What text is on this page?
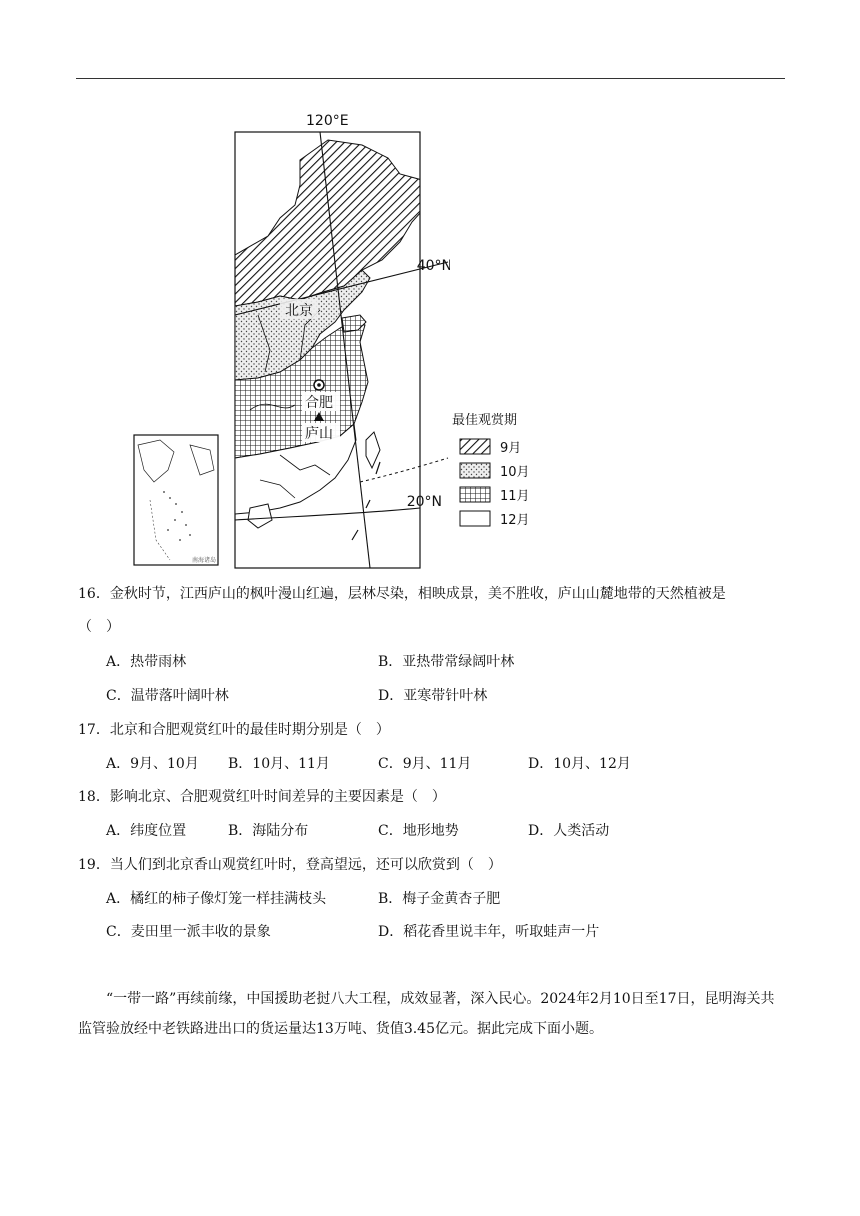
120°E
40°N
20°N
北京
合肥
庐山
南海诸岛
最佳观赏期
9月
10月
11月
12月
16．金秋时节，江西庐山的枫叶漫山红遍，层林尽染，相映成景，美不胜收，庐山山麓地带的天然植被是
（　）
A．热带雨林	B．亚热带常绿阔叶林
C．温带落叶阔叶林	D．亚寒带针叶林
17．北京和合肥观赏红叶的最佳时期分别是（　）
A．9月、10月 B．10月、11月	C．9月、11月	D．10月、12月
18．影响北京、合肥观赏红叶时间差异的主要因素是（　）
A．纬度位置	B．海陆分布	C．地形地势	D．人类活动
19．当人们到北京香山观赏红叶时，登高望远，还可以欣赏到（　）
A．橘红的柿子像灯笼一样挂满枝头	B．梅子金黄杏子肥
C．麦田里一派丰收的景象	D．稻花香里说丰年，听取蛙声一片
“一带一路”再续前缘，中国援助老挝八大工程，成效显著，深入民心。2024年2月10日至17日，昆明海关共监管验放经中老铁路进出口的货运量达13万吨、货值3.45亿元。据此完成下面小题。
